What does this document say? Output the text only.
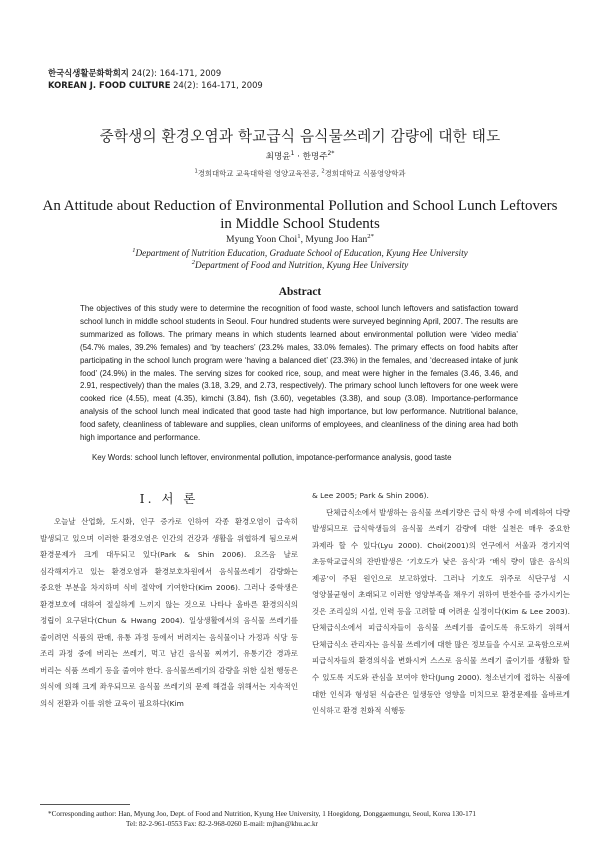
한국식생활문화학회지 24(2): 164-171, 2009
KOREAN J. FOOD CULTURE 24(2): 164-171, 2009
중학생의 환경오염과 학교급식 음식물쓰레기 감량에 대한 태도
최명윤$^1$ · 한명주$^{2*}$
$^1$경희대학교 교육대학원 영양교육전공, $^2$경희대학교 식품영양학과
An Attitude about Reduction of Environmental Pollution and School Lunch Leftovers in Middle School Students
Myung Yoon Choi$^1$, Myung Joo Han$^{2*}$
$^1$Department of Nutrition Education, Graduate School of Education, Kyung Hee University
$^2$Department of Food and Nutrition, Kyung Hee University
Abstract
The objectives of this study were to determine the recognition of food waste, school lunch leftovers and satisfaction toward school lunch in middle school students in Seoul. Four hundred students were surveyed beginning April, 2007. The results are summarized as follows. The primary means in which students learned about environmental pollution were ‘video media’ (54.7% males, 39.2% females) and ‘by teachers’ (23.2% males, 33.0% females). The primary effects on food habits after participating in the school lunch program were ‘having a balanced diet’ (23.3%) in the females, and ‘decreased intake of junk food’ (24.9%) in the males. The serving sizes for cooked rice, soup, and meat were higher in the females (3.46, 3.46, and 2.91, respectively) than the males (3.18, 3.29, and 2.73, respectively). The primary school lunch leftovers for one week were cooked rice (4.55), meat (4.35), kimchi (3.84), fish (3.60), vegetables (3.38), and soup (3.08). Importance-performance analysis of the school lunch meal indicated that good taste had high importance, but low performance. Nutritional balance, food safety, cleanliness of tableware and supplies, clean uniforms of employees, and cleanliness of the dining area had both high importance and performance.
Key Words: school lunch leftover, environmental pollution, impotance-performance analysis, good taste
I. 서 론

오늘날 산업화, 도시화, 인구 증가로 인하여 각종 환경오염이 급속히 발생되고 있으며 이러한 환경오염은 인간의 건강과 생활을 위협하게 됨으로써 환경문제가 크게 대두되고 있다(Park & Shin 2006). 요즈음 날로 심각해져가고 있는 환경오염과 환경보호차원에서 음식물쓰레기 감량화는 중요한 부분을 차지하며 식비 절약에 기여한다(Kim 2006). 그러나 중학생은 환경보호에 대하여 절실하게 느끼지 않는 것으로 나타나 올바른 환경의식의 정립이 요구된다(Chun & Hwang 2004). 일상생활에서의 음식물 쓰레기를 줄이려면 식품의 판매, 유통 과정 등에서 버려지는 음식물이나 가정과 식당 등 조리 과정 중에 버리는 쓰레기, 먹고 남긴 음식물 찌꺼기, 유통기간 경과로 버리는 식품 쓰레기 등을 줄여야 한다. 음식물쓰레기의 감량을 위한 실천 행동은 의식에 의해 크게 좌우되므로 음식물 쓰레기의 문제 해결을 위해서는 지속적인 의식 전환과 이를 위한 교육이 필요하다(Kim

& Lee 2005; Park & Shin 2006).

단체급식소에서 발생하는 음식물 쓰레기량은 급식 학생 수에 비례하여 다량 발생되므로 급식학생들의 음식물 쓰레기 감량에 대한 실천은 매우 중요한 과제라 할 수 있다(Lyu 2000). Choi(2001)의 연구에서 서울과 경기지역 초등학교급식의 잔반발생은 ‘기호도가 낮은 음식’과 ‘배식 량이 많은 음식의 제공’이 주된 원인으로 보고하였다. 그러나 기호도 위주로 식단구성 시 영양불균형이 초래되고 이러한 영양부족을 채우기 위하여 반찬수를 증가시키는 것은 조리실의 시설, 인력 등을 고려할 때 어려운 실정이다(Kim & Lee 2003). 단체급식소에서 피급식자들이 음식물 쓰레기를 줄이도록 유도하기 위해서 단체급식소 관리자는 음식물 쓰레기에 대한 많은 정보들을 수시로 교육함으로써 피급식자들의 환경의식을 변화시켜 스스로 음식물 쓰레기 줄이기를 생활화 할 수 있도록 지도와 관심을 보여야 한다(Jung 2000). 청소년기에 접하는 식품에 대한 인식과 형성된 식습관은 일생동안 영향을 미치므로 환경문제를 올바르게 인식하고 환경 친화적 식행동

*Corresponding author: Han, Myung Joo, Dept. of Food and Nutrition, Kyung Hee University, 1 Hoegidong, Donggaemungu, Seoul, Korea 130-171
Tel: 82-2-961-0553 Fax: 82-2-968-0260 E-mail: mjhan@khu.ac.kr
